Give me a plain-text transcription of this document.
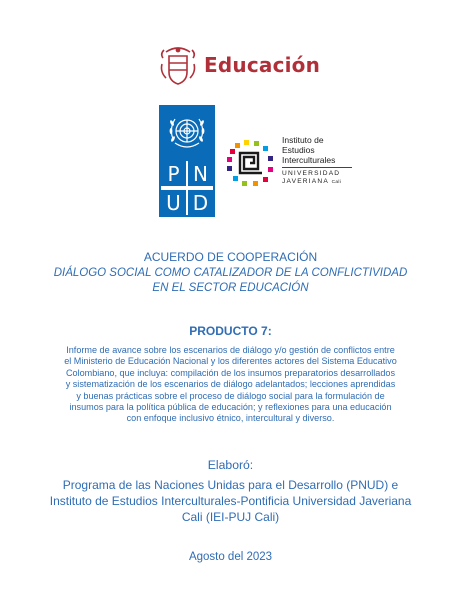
Educación
P N
U D
Instituto de
Estudios
Interculturales
UNIVERSIDAD
JAVERIANA Cali
ACUERDO DE COOPERACIÓN
DIÁLOGO SOCIAL COMO CATALIZADOR DE LA CONFLICTIVIDAD
EN EL SECTOR EDUCACIÓN
PRODUCTO 7:
Informe de avance sobre los escenarios de diálogo y/o gestión de conflictos entre
el Ministerio de Educación Nacional y los diferentes actores del Sistema Educativo
Colombiano, que incluya: compilación de los insumos preparatorios desarrollados
y sistematización de los escenarios de diálogo adelantados; lecciones aprendidas
y buenas prácticas sobre el proceso de diálogo social para la formulación de
insumos para la política pública de educación; y reflexiones para una educación
con enfoque inclusivo étnico, intercultural y diverso.
Elaboró:
Programa de las Naciones Unidas para el Desarrollo (PNUD) e
Instituto de Estudios Interculturales-Pontificia Universidad Javeriana
Cali (IEI-PUJ Cali)
Agosto del 2023
